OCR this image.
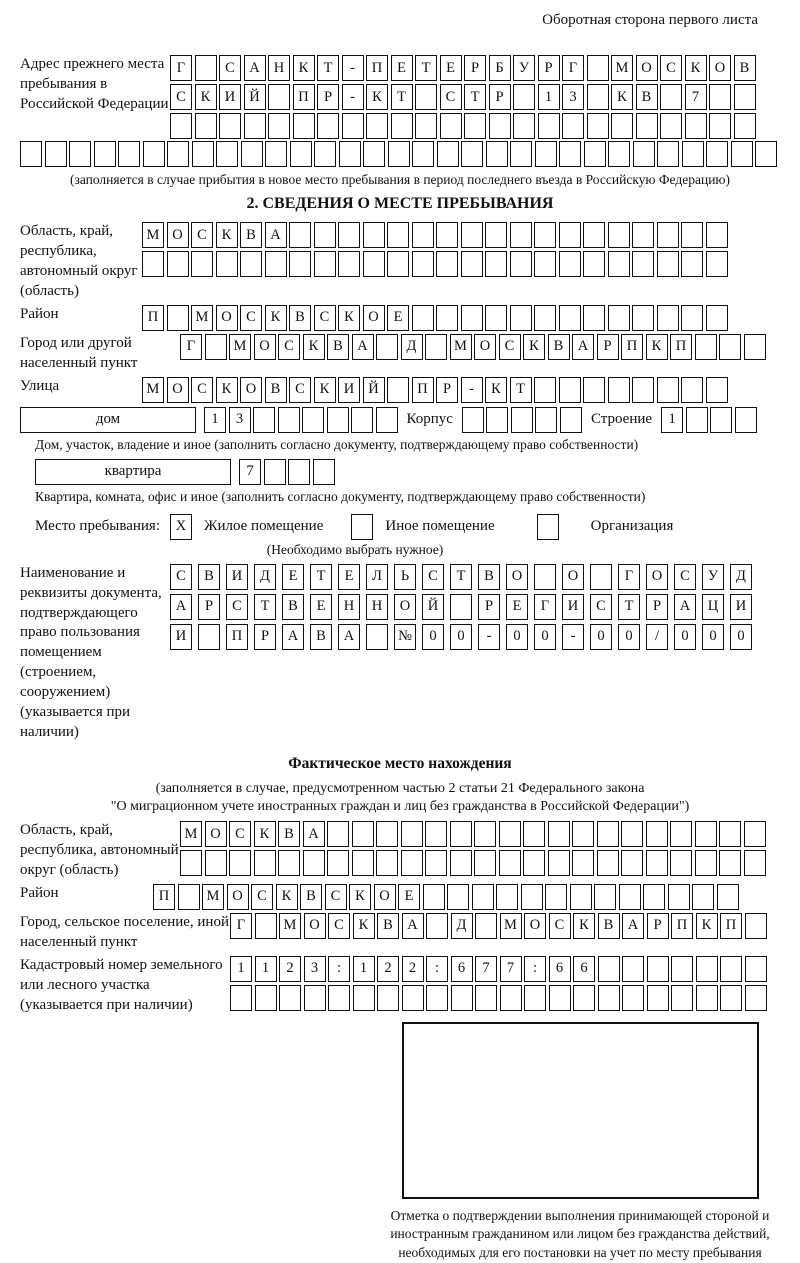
Оборотная сторона первого листа
Адрес прежнего места пребывания в Российской Федерации
Г	С А Н К	Т	-	П	Е	Т	Е	Р	Б	У	Р	Г	М О С	К О В
С	К И Й	П	Р	-	К	Т	С	Т	Р	1	3	К	В	7
(заполняется в случае прибытия в новое место пребывания в период последнего въезда в Российскую Федерацию)
2. СВЕДЕНИЯ О МЕСТЕ ПРЕБЫВАНИЯ
Область, край, республика, автономный округ (область)
М О С	К	В А
Район	П	М О С	К	В	С	К О	Е
Город или другой населенный пункт
Г	М О С	К	В А	Д	М О С	К	В А	Р	П К П
Улица	М О С	К О В	С	К И Й	П	Р	-	К	Т
дом	1	3	Корпус	Строение	1
Дом, участок, владение и иное (заполнить согласно документу, подтверждающему право собственности)
квартира	7
Квартира, комната, офис и иное (заполнить согласно документу, подтверждающему право собственности)
Место пребывания:	X	Жилое помещение	Иное помещение	Организация
(Необходимо выбрать нужное)
Наименование и реквизиты документа, подтверждающего право пользования помещением (строением, сооружением) (указывается при наличии)
С	В	И	Д	Е	Т	Е	Л	Ь	С	Т	В	О	О	Г	О	С	У	Д
А	Р	С	Т	В	Е	Н	Н	О	Й	Р	Е	Г	И	С	Т	Р	А	Ц	И
И	П	Р	А	В	А	№	0	0	-	0	0	-	0	0	/	0	0	0
Фактическое место нахождения
(заполняется в случае, предусмотренном частью 2 статьи 21 Федерального закона
"О миграционном учете иностранных граждан и лиц без гражданства в Российской Федерации")
Область, край, республика, автономный округ (область)
М О С	К	В А
Район	П	М О С	К	В	С	К О	Е
Город, сельское поселение, иной населенный пункт
Г	М О С	К	В А	Д	М О С	К	В А	Р	П К П
Кадастровый номер земельного или лесного участка (указывается при наличии)
1	1	2	3	:	1	2	2	:	6	7	7	:	6	6
Отметка о подтверждении выполнения принимающей стороной и иностранным гражданином или лицом без гражданства действий, необходимых для его постановки на учет по месту пребывания
